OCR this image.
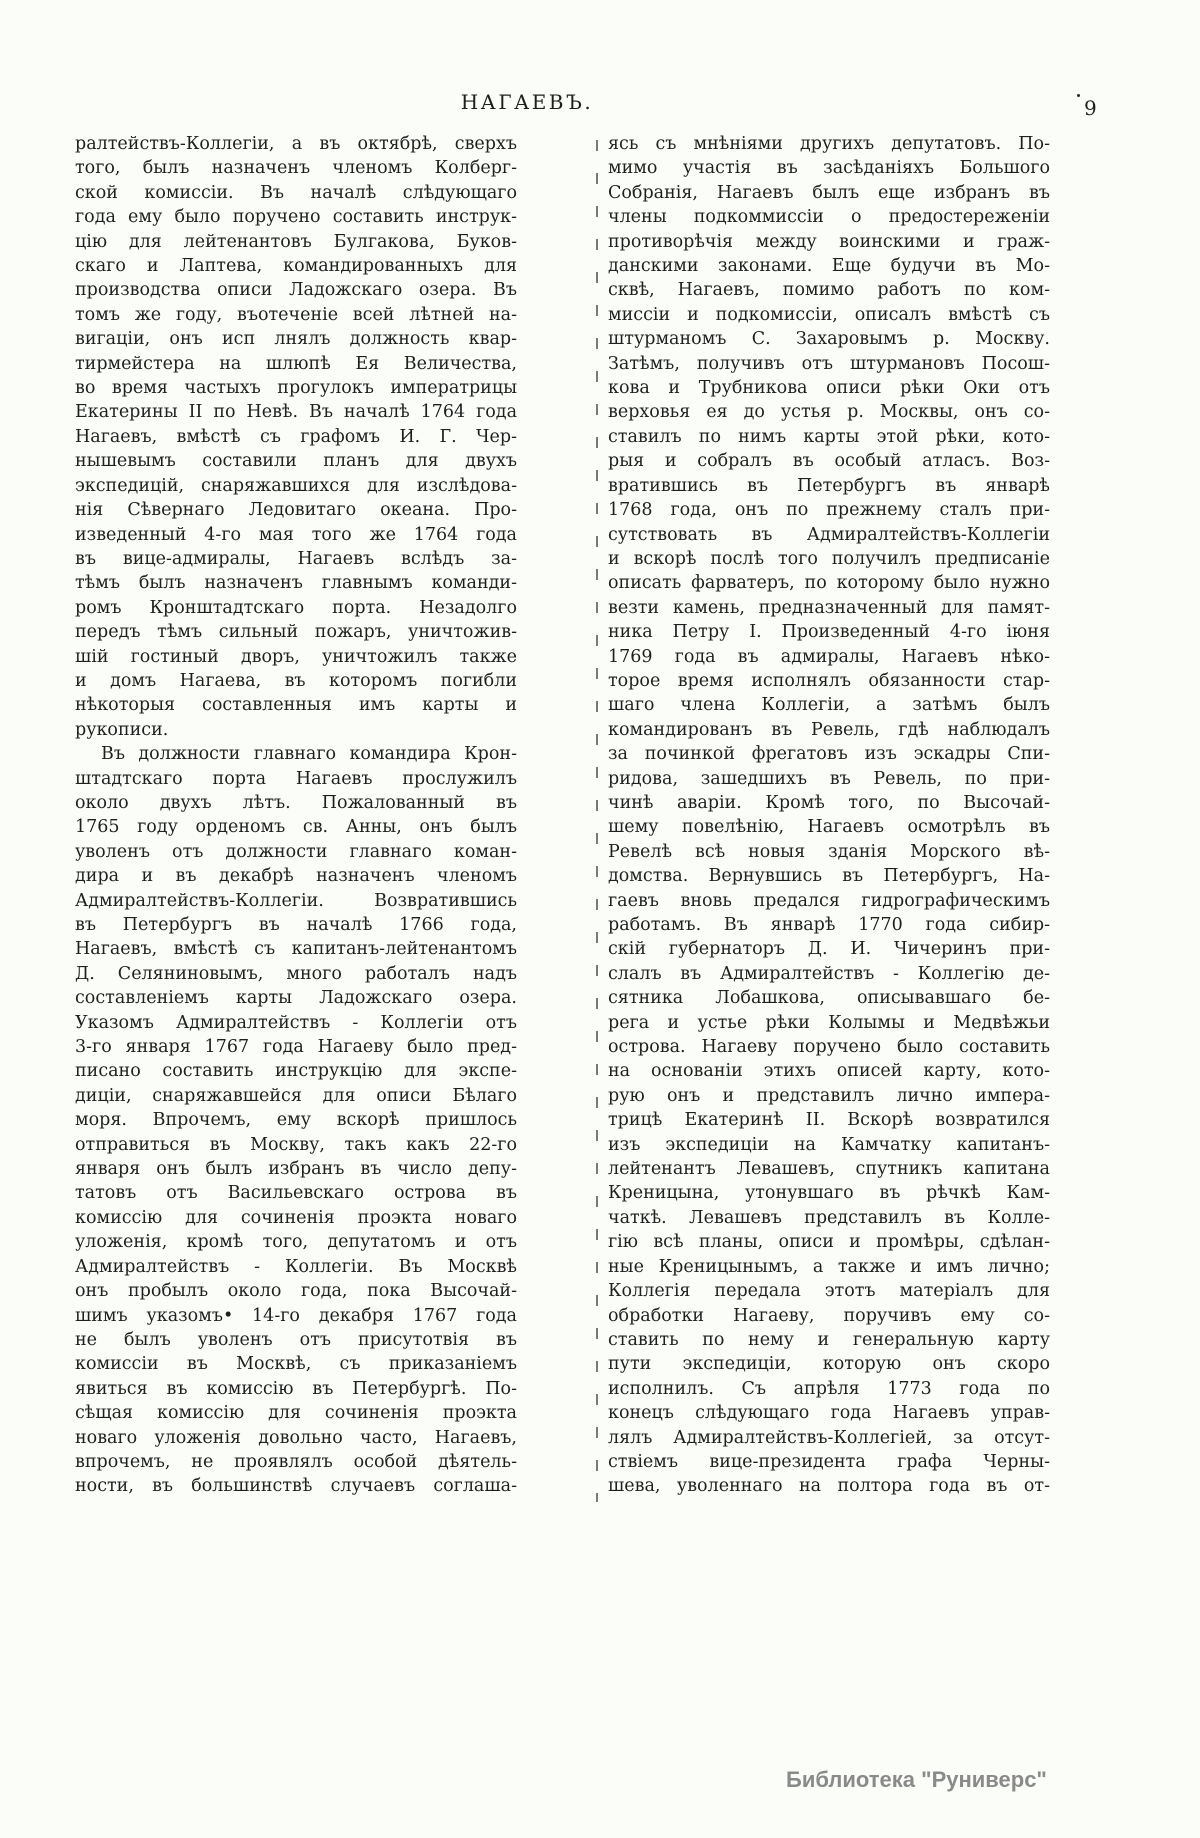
НАГАЕВЪ.	9
ралтействъ-Коллегіи, а въ октябрѣ, сверхъ
того, былъ назначенъ членомъ Колберг-
ской комиссіи. Въ началѣ слѣдующаго
года ему было поручено составить инструк-
цію для лейтенантовъ Булгакова, Буков-
скаго и Лаптева, командированныхъ для
производства описи Ладожскаго озера. Въ
томъ же году, въотеченіе всей лѣтней на-
вигаціи, онъ исп лнялъ должность квар-
тирмейстера на шлюпѣ Ея Величества,
во время частыхъ прогулокъ императрицы
Екатерины II по Невѣ. Въ началѣ 1764 года
Нагаевъ, вмѣстѣ съ графомъ И. Г. Чер-
нышевымъ составили планъ для двухъ
экспедицій, снаряжавшихся для изслѣдова-
нія Сѣвернаго Ледовитаго океана. Про-
изведенный 4-го мая того же 1764 года
въ вице-адмиралы, Нагаевъ вслѣдъ за-
тѣмъ былъ назначенъ главнымъ команди-
ромъ Кронштадтскаго порта. Незадолго
передъ тѣмъ сильный пожаръ, уничтожив-
шій гостиный дворъ, уничтожилъ также
и домъ Нагаева, въ которомъ погибли
нѣкоторыя составленныя имъ карты и
рукописи.
Въ должности главнаго командира Крон-
штадтскаго порта Нагаевъ прослужилъ
около двухъ лѣтъ. Пожалованный въ
1765 году орденомъ св. Анны, онъ былъ
уволенъ отъ должности главнаго коман-
дира и въ декабрѣ назначенъ членомъ
Адмиралтействъ-Коллегіи. Возвратившись
въ Петербургъ въ началѣ 1766 года,
Нагаевъ, вмѣстѣ съ капитанъ-лейтенантомъ
Д. Селяниновымъ, много работалъ надъ
составленіемъ карты Ладожскаго озера.
Указомъ Адмиралтействъ - Коллегіи отъ
3-го января 1767 года Нагаеву было пред-
писано составить инструкцію для экспе-
диціи, снаряжавшейся для описи Бѣлаго
моря. Впрочемъ, ему вскорѣ пришлось
отправиться въ Москву, такъ какъ 22-го
января онъ былъ избранъ въ число депу-
татовъ отъ Васильевскаго острова въ
комиссію для сочиненія проэкта новаго
уложенія, кромѣ того, депутатомъ и отъ
Адмиралтействъ - Коллегіи. Въ Москвѣ
онъ пробылъ около года, пока Высочай-
шимъ указомъ• 14-го декабря 1767 года
не былъ уволенъ отъ присутотвія въ
комиссіи въ Москвѣ, съ приказаніемъ
явиться въ комиссію въ Петербургѣ. По-
сѣщая комиссію для сочиненія проэкта
новаго уложенія довольно часто, Нагаевъ,
впрочемъ, не проявлялъ особой дѣятель-
ности, въ большинствѣ случаевъ соглаша-
ясь съ мнѣніями другихъ депутатовъ. По-
мимо участія въ засѣданіяхъ Большого
Собранія, Нагаевъ былъ еще избранъ въ
члены подкоммиссіи о предостереженіи
противорѣчія между воинскими и граж-
данскими законами. Еще будучи въ Мо-
сквѣ, Нагаевъ, помимо работъ по ком-
миссіи и подкомиссіи, описалъ вмѣстѣ съ
штурманомъ С. Захаровымъ р. Москву.
Затѣмъ, получивъ отъ штурмановъ Посош-
кова и Трубникова описи рѣки Оки отъ
верховья ея до устья р. Москвы, онъ со-
ставилъ по нимъ карты этой рѣки, кото-
рыя и собралъ въ особый атласъ. Воз-
вратившись въ Петербургъ въ январѣ
1768 года, онъ по прежнему сталъ при-
сутствовать въ Адмиралтействъ-Коллегіи
и вскорѣ послѣ того получилъ предписаніе
описать фарватеръ, по которому было нужно
везти камень, предназначенный для памят-
ника Петру I. Произведенный 4-го іюня
1769 года въ адмиралы, Нагаевъ нѣко-
торое время исполнялъ обязанности стар-
шаго члена Коллегіи, а затѣмъ былъ
командированъ въ Ревель, гдѣ наблюдалъ
за починкой фрегатовъ изъ эскадры Спи-
ридова, зашедшихъ въ Ревель, по при-
чинѣ аваріи. Кромѣ того, по Высочай-
шему повелѣнію, Нагаевъ осмотрѣлъ въ
Ревелѣ всѣ новыя зданія Морского вѣ-
домства. Вернувшись въ Петербургъ, На-
гаевъ вновь предался гидрографическимъ
работамъ. Въ январѣ 1770 года сибир-
скій губернаторъ Д. И. Чичеринъ при-
слалъ въ Адмиралтействъ - Коллегію де-
сятника Лобашкова, описывавшаго бе-
рега и устье рѣки Колымы и Медвѣжьи
острова. Нагаеву поручено было составить
на основаніи этихъ описей карту, кото-
рую онъ и представилъ лично импера-
трицѣ Екатеринѣ II. Вскорѣ возвратился
изъ экспедиціи на Камчатку капитанъ-
лейтенантъ Левашевъ, спутникъ капитана
Креницына, утонувшаго въ рѣчкѣ Кам-
чаткѣ. Левашевъ представилъ въ Колле-
гію всѣ планы, описи и промѣры, сдѣлан-
ные Креницынымъ, а также и имъ лично;
Коллегія передала этотъ матеріалъ для
обработки Нагаеву, поручивъ ему со-
ставить по нему и генеральную карту
пути экспедиціи, которую онъ скоро
исполнилъ. Съ апрѣля 1773 года по
конецъ слѣдующаго года Нагаевъ управ-
лялъ Адмиралтействъ-Коллегіей, за отсут-
ствіемъ вице-президента графа Черны-
шева, уволеннаго на полтора года въ от-
Библиотека "Руниверс"
